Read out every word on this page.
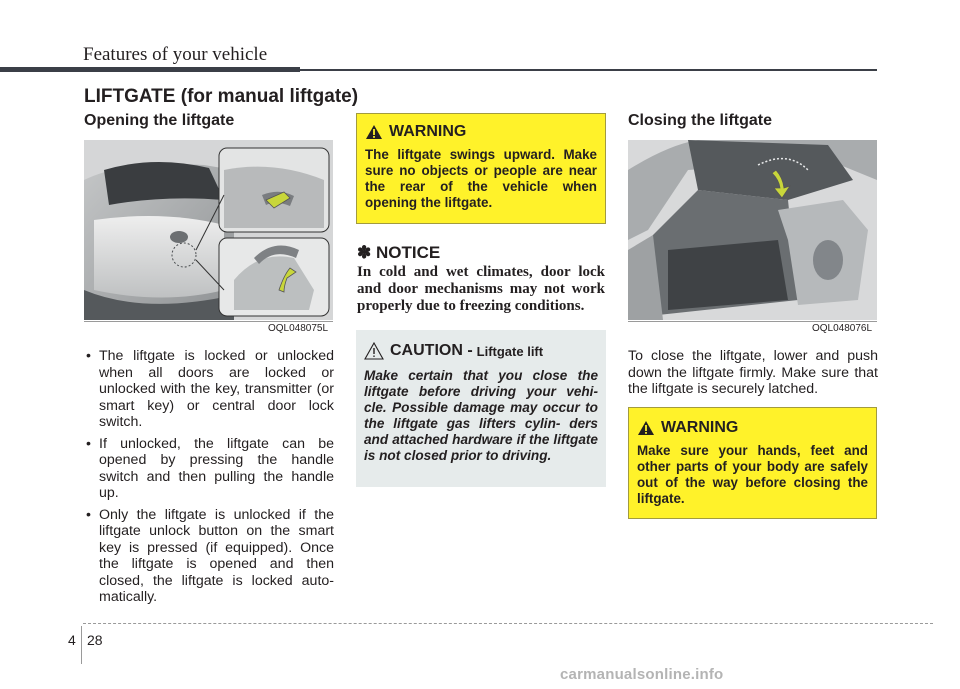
Features of your vehicle
LIFTGATE (for manual liftgate)
Opening the liftgate
OQL048075L
• The liftgate is locked or unlocked when all doors are locked or unlocked with the key, transmitter (or smart key) or central door lock switch.
• If unlocked, the liftgate can be opened by pressing the handle switch and then pulling the handle up.
• Only the liftgate is unlocked if the liftgate unlock button on the smart key is pressed (if equipped). Once the liftgate is opened and then closed, the liftgate is locked auto- matically.
WARNING
The liftgate swings upward. Make sure no objects or people are near the rear of the vehicle when opening the liftgate.
✽ NOTICE
In cold and wet climates, door lock and door mechanisms may not work properly due to freezing conditions.
CAUTION - Liftgate lift
Make certain that you close the liftgate before driving your vehi- cle. Possible damage may occur to the liftgate gas lifters cylin- ders and attached hardware if the liftgate is not closed prior to driving.
Closing the liftgate
OQL048076L
To close the liftgate, lower and push down the liftgate firmly. Make sure that the liftgate is securely latched.
WARNING
Make sure your hands, feet and other parts of your body are safely out of the way before closing the liftgate.
4 28
carmanualsonline.info
